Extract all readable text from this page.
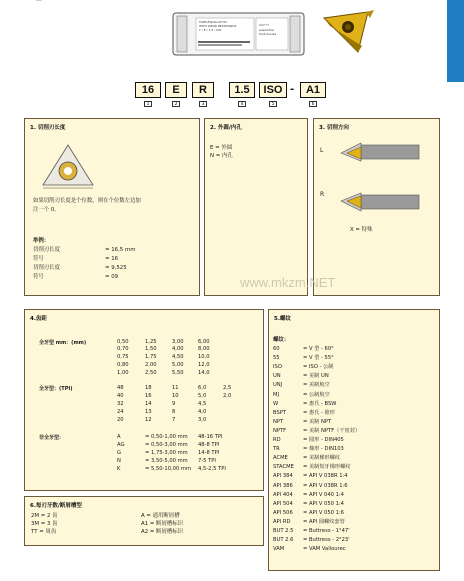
—
TAIEGFW/ALLOY/SI
WITH WEAR RESISTANCE
T / E / 1.5 / ISO
C27 Yl
ensemble
foxit avvise
16	E	R	1.5	ISO -	A1
1	2	3	4	5	6
1. 切削刃长度
如果切削刃长度是个位数，则在个位数左边加
注一个 0。
举例：
切削刃长度	= 16,5 mm
符号	= 16
切削刃长度	= 9,525
符号	= 09
2. 外圆/内孔
E = 外圆
N = 内孔
3. 切削方向
L
R
X = 特殊
www.mkzm.NET
4.齿距
全牙型 mm：(mm)	0,50	1,25	3,00	6,00
0,70	1,50	4,00	8,00
0,75	1,75	4,50	10,0
0,80	2,00	5,00	12,0
1,00	2,50	5,50	14,0
全牙型：(TPI)	48	18	11	6,0	2,5
40	16	10	5,0	2,0
32	14	9	4,5
24	13	8	4,0
20	12	7	3,0
非全牙型：	A	= 0,50-1,00 mm 48-16 TPI
AG	= 0,50-3,00 mm 48-8 TPI
G	= 1,75-3,00 mm 14-8 TPI
N	= 3,50-5,00 mm 7-5 TPI
K	= 5,50-10,00 mm 4,5-2,5 TPI
6.每刃牙数/断屑槽型
2M = 2 齿	A = 通用断屑槽
3M = 3 齿	A1 = 断屑槽标识
TT = 周齿	A2 = 断屑槽标识
5.螺纹
螺纹：
60	= V 型 - 60°
55	= V 型 - 55°
ISO	= ISO - 公制
UN	= 美制 UN
UNJ	= 美制航空
MJ	= 公制航空
W	= 惠氏 - BSW
BSPT	= 惠氏 - 锥形
NPT	= 美制 NPT
NPTF	= 美制 NPTF（干密封）
RD	= 圆形 - DIN405
TR	= 梯形 - DIN103
ACME	= 美制梯形螺纹
STACME = 美制短牙梯形螺纹
API 384 = API V 038R 1:4
API 386 = API V 038R 1:6
API 404 = API V 040 1:4
API 504 = API V 050 1:4
API 506 = API V 050 1:6
API RD = API 圆螺纹套管
BUT 2.5 = Buttress - 1°47'
BUT 2.6 = Buttress - 2°23'
VAM	= VAM Vallourec
